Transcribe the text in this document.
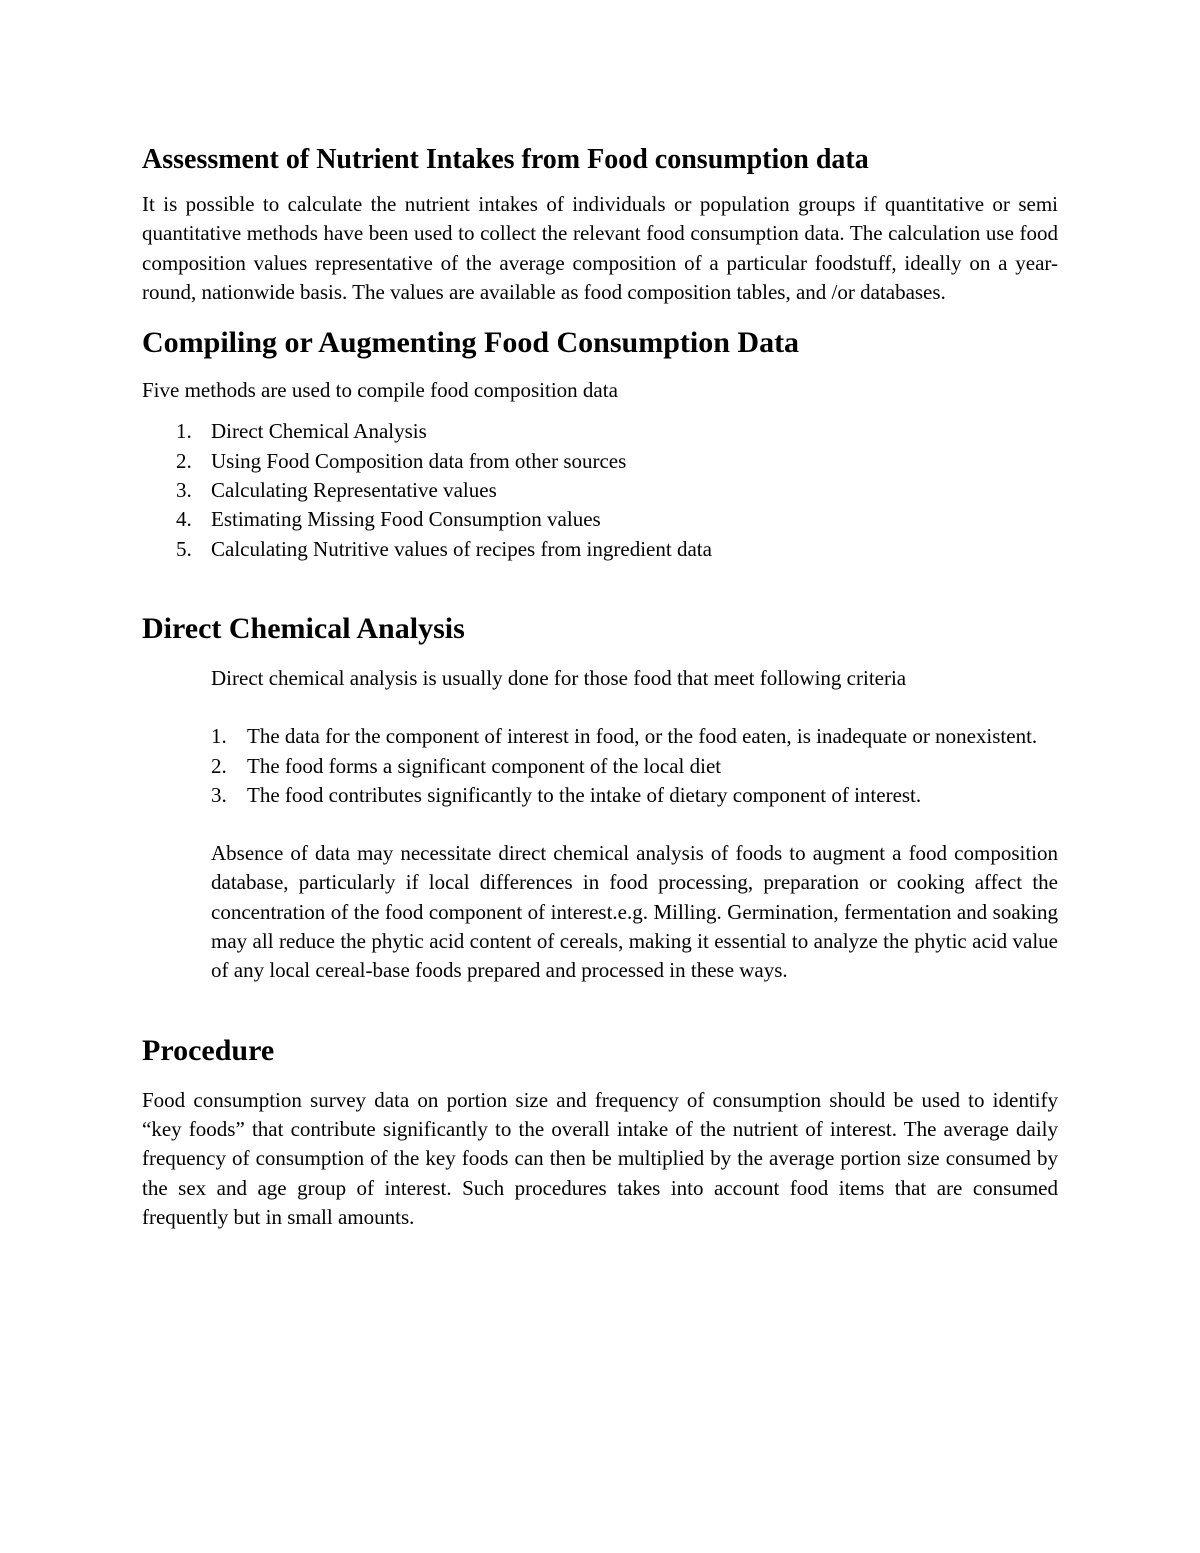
Assessment of Nutrient Intakes from Food consumption data

It is possible to calculate the nutrient intakes of individuals or population groups if quantitative or semi quantitative methods have been used to collect the relevant food consumption data. The calculation use food composition values representative of the average composition of a particular foodstuff, ideally on a year-round, nationwide basis. The values are available as food composition tables, and /or databases.

Compiling or Augmenting Food Consumption Data

Five methods are used to compile food composition data

1. Direct Chemical Analysis
2. Using Food Composition data from other sources
3. Calculating Representative values
4. Estimating Missing Food Consumption values
5. Calculating Nutritive values of recipes from ingredient data
Direct Chemical Analysis

Direct chemical analysis is usually done for those food that meet following criteria

1. The data for the component of interest in food, or the food eaten, is inadequate or nonexistent.
2. The food forms a significant component of the local diet
3. The food contributes significantly to the intake of dietary component of interest.

Absence of data may necessitate direct chemical analysis of foods to augment a food composition database, particularly if local differences in food processing, preparation or cooking affect the concentration of the food component of interest.e.g. Milling. Germination, fermentation and soaking may all reduce the phytic acid content of cereals, making it essential to analyze the phytic acid value of any local cereal-base foods prepared and processed in these ways.

Procedure

Food consumption survey data on portion size and frequency of consumption should be used to identify “key foods” that contribute significantly to the overall intake of the nutrient of interest. The average daily frequency of consumption of the key foods can then be multiplied by the average portion size consumed by the sex and age group of interest. Such procedures takes into account food items that are consumed frequently but in small amounts.
